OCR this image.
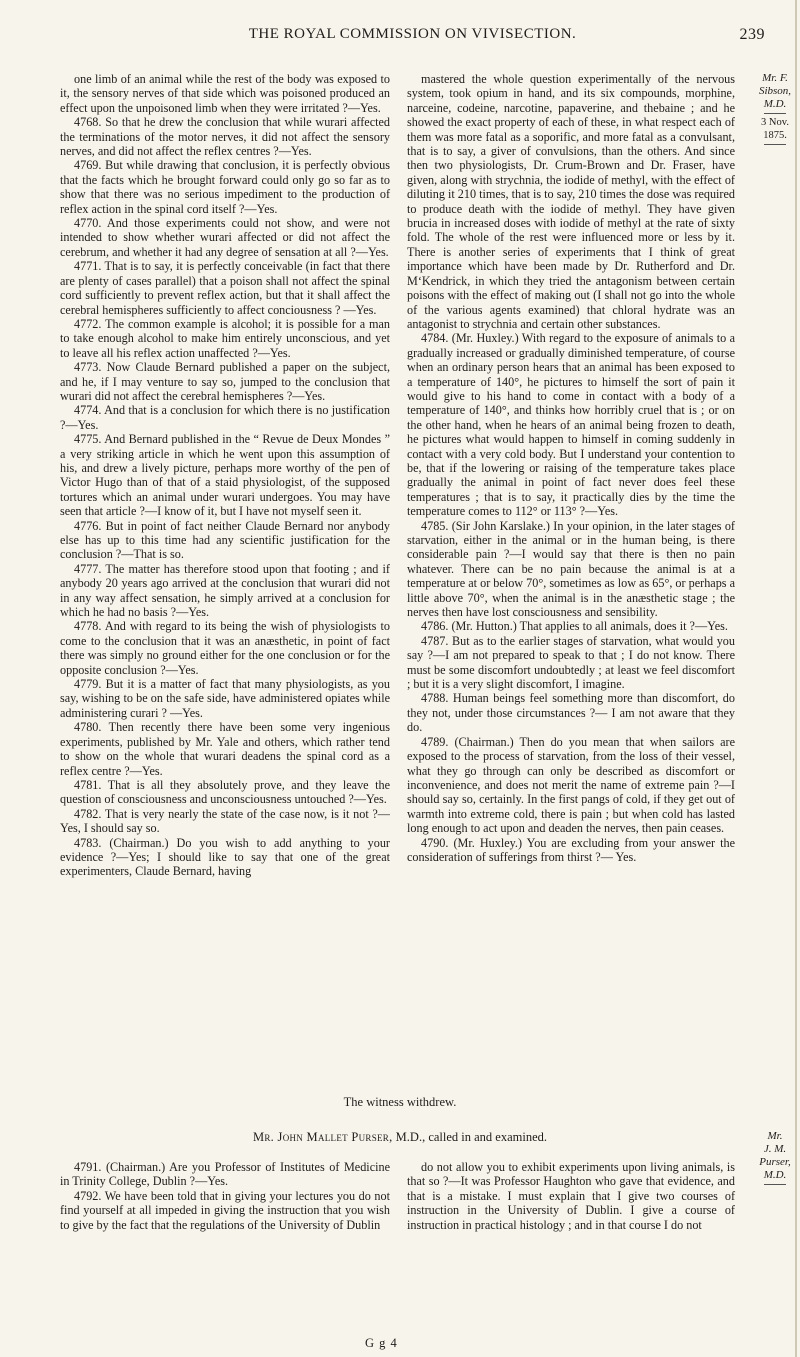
THE ROYAL COMMISSION ON VIVISECTION.	239
Mr. F. Sibson,
M.D.
3 Nov. 1875.

one limb of an animal while the rest of the body was exposed to it, the sensory nerves of that side which was poisoned produced an effect upon the unpoisoned limb when they were irritated ?—Yes.

4768. So that he drew the conclusion that while wurari affected the terminations of the motor nerves, it did not affect the sensory nerves, and did not affect the reflex centres ?—Yes.

4769. But while drawing that conclusion, it is perfectly obvious that the facts which he brought forward could only go so far as to show that there was no serious impediment to the production of reflex action in the spinal cord itself ?—Yes.

4770. And those experiments could not show, and were not intended to show whether wurari affected or did not affect the cerebrum, and whether it had any degree of sensation at all ?—Yes.

4771. That is to say, it is perfectly conceivable (in fact that there are plenty of cases parallel) that a poison shall not affect the spinal cord sufficiently to prevent reflex action, but that it shall affect the cerebral hemispheres sufficiently to affect conciousness ? —Yes.

4772. The common example is alcohol; it is possible for a man to take enough alcohol to make him entirely unconscious, and yet to leave all his reflex action unaffected ?—Yes.

4773. Now Claude Bernard published a paper on the subject, and he, if I may venture to say so, jumped to the conclusion that wurari did not affect the cerebral hemispheres ?—Yes.

4774. And that is a conclusion for which there is no justification ?—Yes.

4775. And Bernard published in the “ Revue de Deux Mondes ” a very striking article in which he went upon this assumption of his, and drew a lively picture, perhaps more worthy of the pen of Victor Hugo than of that of a staid physiologist, of the supposed tortures which an animal under wurari undergoes. You may have seen that article ?—I know of it, but I have not myself seen it.

4776. But in point of fact neither Claude Bernard nor anybody else has up to this time had any scientific justification for the conclusion ?—That is so.

4777. The matter has therefore stood upon that footing ; and if anybody 20 years ago arrived at the conclusion that wurari did not in any way affect sensation, he simply arrived at a conclusion for which he had no basis ?—Yes.

4778. And with regard to its being the wish of physiologists to come to the conclusion that it was an anæsthetic, in point of fact there was simply no ground either for the one conclusion or for the opposite conclusion ?—Yes.

4779. But it is a matter of fact that many physiologists, as you say, wishing to be on the safe side, have administered opiates while administering curari ? —Yes.

4780. Then recently there have been some very ingenious experiments, published by Mr. Yale and others, which rather tend to show on the whole that wurari deadens the spinal cord as a reflex centre ?—Yes.

4781. That is all they absolutely prove, and they leave the question of consciousness and unconsciousness untouched ?—Yes.

4782. That is very nearly the state of the case now, is it not ?—Yes, I should say so.

4783. (Chairman.) Do you wish to add anything to your evidence ?—Yes; I should like to say that one of the great experimenters, Claude Bernard, having

mastered the whole question experimentally of the nervous system, took opium in hand, and its six compounds, morphine, narceine, codeine, narcotine, papaverine, and thebaine ; and he showed the exact property of each of these, in what respect each of them was more fatal as a soporific, and more fatal as a convulsant, that is to say, a giver of convulsions, than the others. And since then two physiologists, Dr. Crum-Brown and Dr. Fraser, have given, along with strychnia, the iodide of methyl, with the effect of diluting it 210 times, that is to say, 210 times the dose was required to produce death with the iodide of methyl. They have given brucia in increased doses with iodide of methyl at the rate of sixty fold. The whole of the rest were influenced more or less by it. There is another series of experiments that I think of great importance which have been made by Dr. Rutherford and Dr. M‘Kendrick, in which they tried the antagonism between certain poisons with the effect of making out (I shall not go into the whole of the various agents examined) that chloral hydrate was an antagonist to strychnia and certain other substances.

4784. (Mr. Huxley.) With regard to the exposure of animals to a gradually increased or gradually diminished temperature, of course when an ordinary person hears that an animal has been exposed to a temperature of 140°, he pictures to himself the sort of pain it would give to his hand to come in contact with a body of a temperature of 140°, and thinks how horribly cruel that is ; or on the other hand, when he hears of an animal being frozen to death, he pictures what would happen to himself in coming suddenly in contact with a very cold body. But I understand your contention to be, that if the lowering or raising of the temperature takes place gradually the animal in point of fact never does feel these temperatures ; that is to say, it practically dies by the time the temperature comes to 112° or 113° ?—Yes.

4785. (Sir John Karslake.) In your opinion, in the later stages of starvation, either in the animal or in the human being, is there considerable pain ?—I would say that there is then no pain whatever. There can be no pain because the animal is at a temperature at or below 70°, sometimes as low as 65°, or perhaps a little above 70°, when the animal is in the anæsthetic stage ; the nerves then have lost consciousness and sensibility.

4786. (Mr. Hutton.) That applies to all animals, does it ?—Yes.

4787. But as to the earlier stages of starvation, what would you say ?—I am not prepared to speak to that ; I do not know. There must be some discomfort undoubtedly ; at least we feel discomfort ; but it is a very slight discomfort, I imagine.

4788. Human beings feel something more than discomfort, do they not, under those circumstances ?— I am not aware that they do.

4789. (Chairman.) Then do you mean that when sailors are exposed to the process of starvation, from the loss of their vessel, what they go through can only be described as discomfort or inconvenience, and does not merit the name of extreme pain ?—I should say so, certainly. In the first pangs of cold, if they get out of warmth into extreme cold, there is pain ; but when cold has lasted long enough to act upon and deaden the nerves, then pain ceases.

4790. (Mr. Huxley.) You are excluding from your answer the consideration of sufferings from thirst ?— Yes.

The witness withdrew.
Mr. John Mallet Purser, M.D., called in and examined.	Mr.
J. M. Purser,
M.D.

4791. (Chairman.) Are you Professor of Institutes of Medicine in Trinity College, Dublin ?—Yes.

4792. We have been told that in giving your lectures you do not find yourself at all impeded in giving the instruction that you wish to give by the fact that the regulations of the University of Dublin

do not allow you to exhibit experiments upon living animals, is that so ?—It was Professor Haughton who gave that evidence, and that is a mistake. I must explain that I give two courses of instruction in the University of Dublin. I give a course of instruction in practical histology ; and in that course I do not

G g 4
